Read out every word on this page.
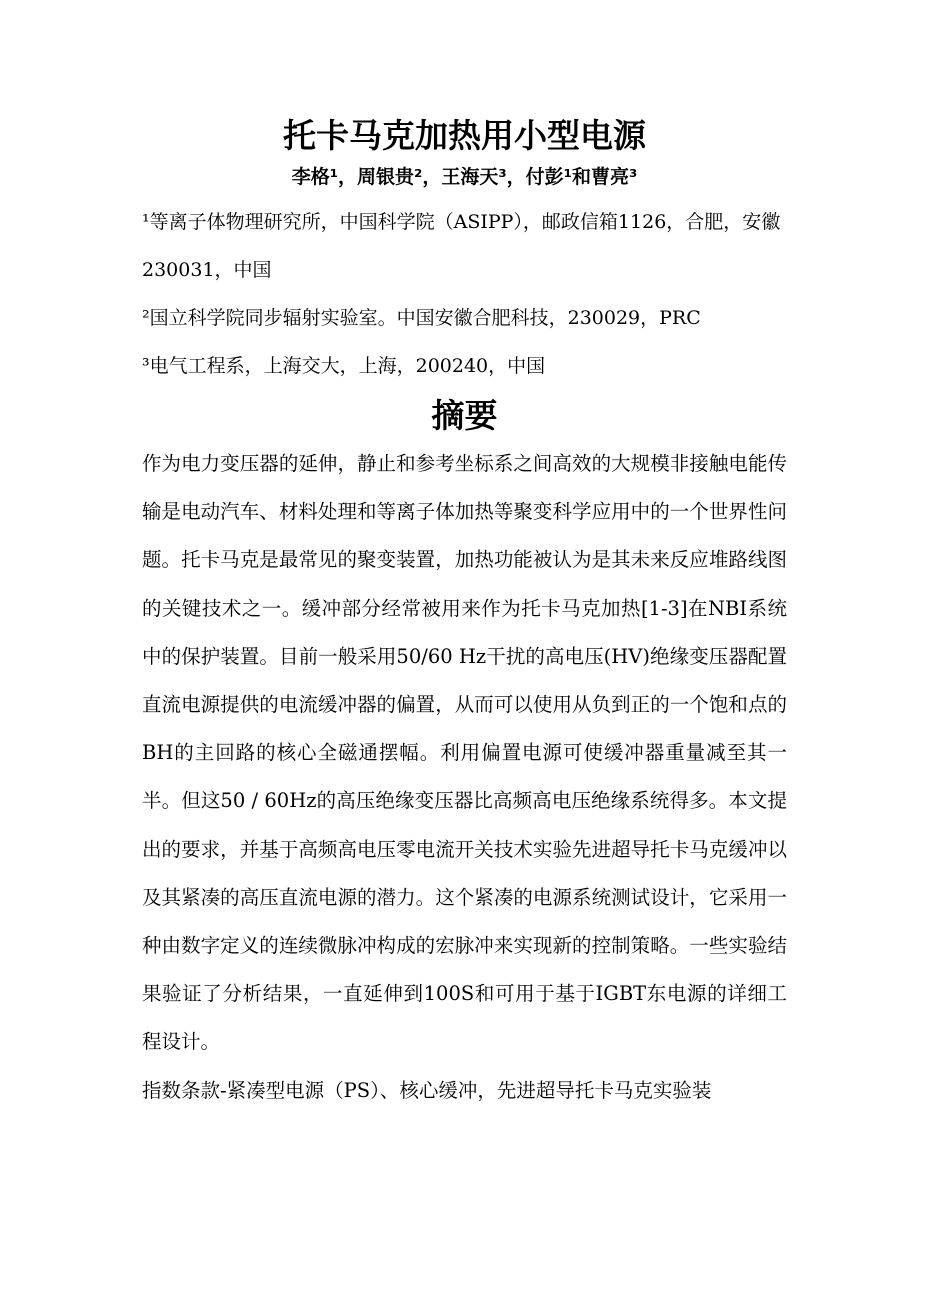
托卡马克加热用小型电源
李格¹，周银贵²，王海天³，付彭¹和曹亮³

¹等离子体物理研究所，中国科学院（ASIPP），邮政信箱1126，合肥，安徽230031，中国

²国立科学院同步辐射实验室。中国安徽合肥科技，230029，PRC

³电气工程系，上海交大，上海，200240，中国

摘要

作为电力变压器的延伸，静止和参考坐标系之间高效的大规模非接触电能传输是电动汽车、材料处理和等离子体加热等聚变科学应用中的一个世界性问题。托卡马克是最常见的聚变装置，加热功能被认为是其未来反应堆路线图的关键技术之一。缓冲部分经常被用来作为托卡马克加热[1-3]在NBI系统中的保护装置。目前一般采用50/60 Hz干扰的高电压(HV)绝缘变压器配置直流电源提供的电流缓冲器的偏置，从而可以使用从负到正的一个饱和点的BH的主回路的核心全磁通摆幅。利用偏置电源可使缓冲器重量减至其一半。但这50 / 60Hz的高压绝缘变压器比高频高电压绝缘系统得多。本文提出的要求，并基于高频高电压零电流开关技术实验先进超导托卡马克缓冲以及其紧凑的高压直流电源的潜力。这个紧凑的电源系统测试设计，它采用一种由数字定义的连续微脉冲构成的宏脉冲来实现新的控制策略。一些实验结果验证了分析结果，一直延伸到100S和可用于基于IGBT东电源的详细工程设计。

指数条款-紧凑型电源（PS）、核心缓冲，先进超导托卡马克实验装
